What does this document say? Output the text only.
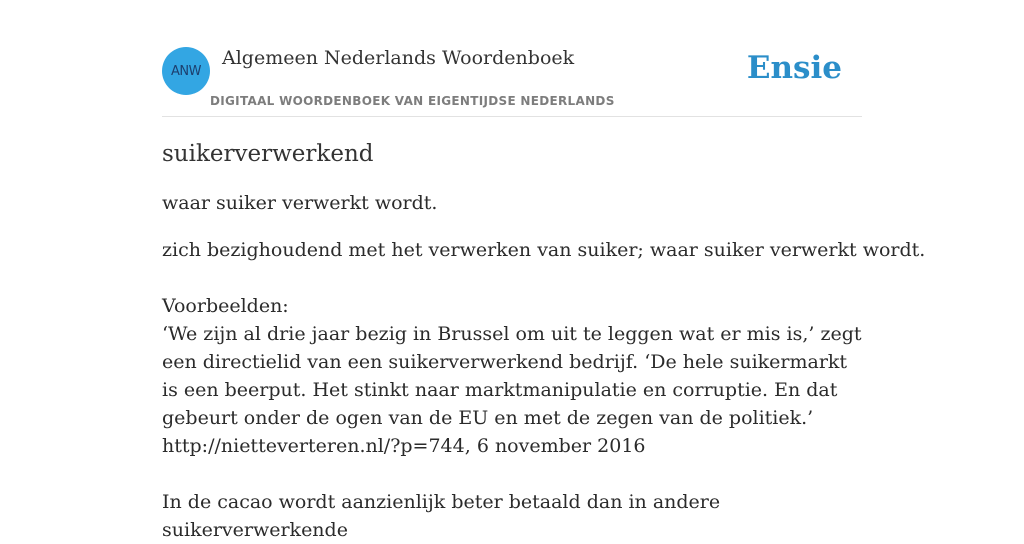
ANW
Algemeen Nederlands Woordenboek
DIGITAAL WOORDENBOEK VAN EIGENTIJDSE NEDERLANDS
Ensie
suikerverwerkend

waar suiker verwerkt wordt.

zich bezighoudend met het verwerken van suiker; waar suiker verwerkt wordt.

Voorbeelden:

‘We zijn al drie jaar bezig in Brussel om uit te leggen wat er mis is,’ zegt een directielid van een suikerverwerkend bedrijf. ‘De hele suikermarkt is een beerput. Het stinkt naar marktmanipulatie en corruptie. En dat gebeurt onder de ogen van de EU en met de zegen van de politiek.’

http://nietteverteren.nl/?p=744, 6 november 2016

In de cacao wordt aanzienlijk beter betaald dan in andere suikerverwerkende
